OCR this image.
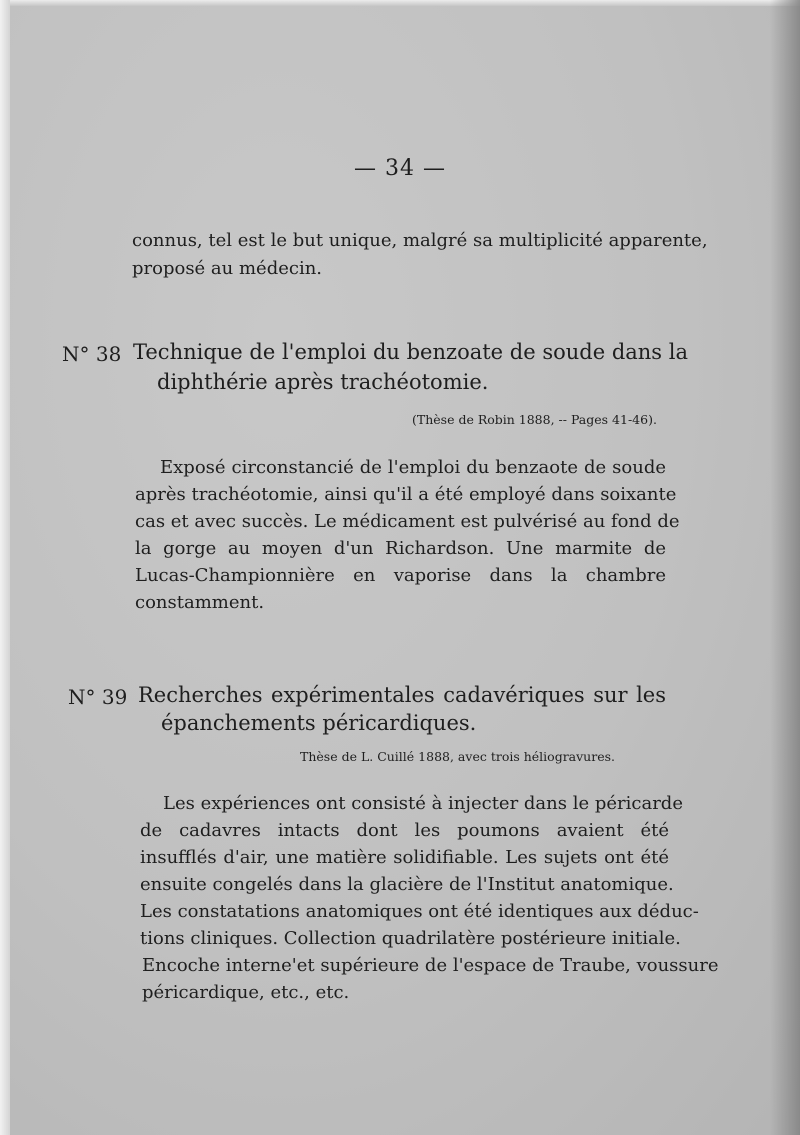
— 34 —
connus, tel est le but unique, malgré sa multiplicité apparente,
proposé au médecin.
N° 38 Technique de l'emploi du benzoate de soude dans la
diphthérie après trachéotomie.
(Thèse de Robin 1888, -- Pages 41-46).
Exposé circonstancié de l'emploi du benzaote de soude
après trachéotomie, ainsi qu'il a été employé dans soixante
cas et avec succès. Le médicament est pulvérisé au fond de
la gorge au moyen d'un Richardson. Une marmite de
Lucas-Championnière en vaporise dans la chambre
constamment.
N° 39 Recherches expérimentales cadavériques sur les
épanchements péricardiques.
Thèse de L. Cuillé 1888, avec trois héliogravures.
Les expériences ont consisté à injecter dans le péricarde
de cadavres intacts dont les poumons avaient été
insufflés d'air, une matière solidifiable. Les sujets ont été
ensuite congelés dans la glacière de l'Institut anatomique.
Les constatations anatomiques ont été identiques aux déduc-
tions cliniques. Collection quadrilatère postérieure initiale.
Encoche interne'et supérieure de l'espace de Traube, voussure
péricardique, etc., etc.
